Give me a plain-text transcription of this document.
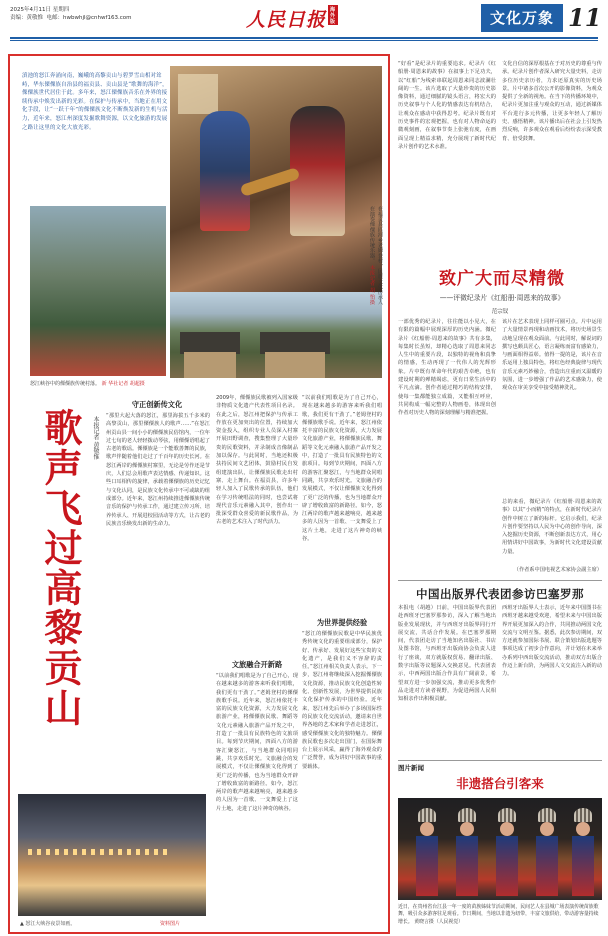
2025年4月11日 星期四
责编：黄敬惟 电邮：hwbwhjl@cnhwf163.com	人民日报 海外版	文化万象 11
滇池的怒江奔涌向南，巍峨的高黎贡山与碧罗雪山相对耸峙，华东傈僳族自治县的福贡县、贡山县是“歌舞的海洋”，傈僳族世代居住于此。多年来，怒江傈僳族音乐在外界的接续传承中焕发出新的光彩。在保护与传承中，当地正在用文化手段，让“一跃千年”的傈僳族文化不断焕发新的生机与活力，近年来，怒江州深度发掘歌舞资源，以文化旅游的发展之路让这里的文化大放光彩。
在福贡县匹河乡老姆登村，民族文化传承人在演奏傈僳族传统乐器。 本报记者 胡 怡摄
怒江峡谷中的傈僳族传统村落。 新 华社记者 胡超摄
歌声飞过高黎贡山	本报记者 黄敬惟
守正创新传文化
“那里大起大落的怒江，那里海拔五千多米的高黎贡山，那里傈僳族人的歌声……”在怒江州贡山县一间小小的傈僳族民俗馆内，一位年过七旬的老人轻轻拨动琴弦，用傈僳语唱起了古老的歌谣。傈僳族是一个能歌善舞的民族，歌声伴随着他们走过了千百年的历史长河。在怒江两岸的傈僳族村寨里，无论是劳作还是节庆，人们总会用歌声表达情感、传递知识。这些口耳相传的旋律，承载着傈僳族的历史记忆与文化认同，是民族文化传承中不可或缺的组成部分。近年来，怒江州持续推进傈僳族传统音乐的保护与传承工作，通过建立传习所、培养传承人、开展进校园活动等方式，让古老的民族音乐焕发出新的生命力。
2009年，傈僳族民歌被列入国家级非物质文化遗产代表性项目名录。在此之后，怒江州把保护与传承工作放在更加突出的位置，持续加大资金投入，组织专业人员深入村寨开展田野调查，搜集整理了大量珍贵的民歌资料，并录制成音像制品加以保存。与此同时，当地还积极扶持民间文艺团体，鼓励村民自发组建演出队，让傈僳族民歌走出村寨、走上舞台。在福贡县，许多年轻人加入了民歌传承的队伍，他们在学习传统唱法的同时，也尝试将现代音乐元素融入其中，创作出一批深受群众喜爱的新民歌作品，为古老的艺术注入了时代活力。
文旅融合开新路
“以前我们唱歌是为了自己开心，现在越来越多的游客来听我们唱歌，我们更有干劲了。”老姆登村的傈僳族歌手说。近年来，怒江州依托丰富的民族文化资源，大力发展文化旅游产业，将傈僳族民歌、舞蹈等文化元素融入旅游产品开发之中，打造了一批具有民族特色的文旅项目。每到节庆期间，四面八方的游客汇聚怒江，与当地群众同唱同跳，共享欢乐时光。文旅融合的发展模式，不仅让傈僳族文化得到了更广泛的传播，也为当地群众开辟了增收致富的新路径。如今，怒江两岸的歌声越来越响亮，越来越多的人因为一首歌、一支舞爱上了这片土地，走进了这片神奇的峡谷。
“以前我们唱歌是为了自己开心，现在越来越多的游客来听我们唱歌，我们更有干劲了。”老姆登村的傈僳族歌手说。近年来，怒江州依托丰富的民族文化资源，大力发展文化旅游产业，将傈僳族民歌、舞蹈等文化元素融入旅游产品开发之中，打造了一批具有民族特色的文旅项目。每到节庆期间，四面八方的游客汇聚怒江，与当地群众同唱同跳，共享欢乐时光。文旅融合的发展模式，不仅让傈僳族文化得到了更广泛的传播，也为当地群众开辟了增收致富的新路径。如今，怒江两岸的歌声越来越响亮，越来越多的人因为一首歌、一支舞爱上了这片土地，走进了这片神奇的峡谷。
为世界提供经验
“怒江的傈僳族民歌是中华民族优秀传统文化的重要组成部分，保护好、传承好、发展好这些宝贵的文化遗产，是我们义不容辞的责任。”怒江州相关负责人表示。下一步，怒江州将继续深入挖掘傈僳族文化资源，推动民族文化创造性转化、创新性发展，为世界提供民族文化保护传承的中国经验。近年来，怒江州先后举办了多场国际性的民族文化交流活动，邀请来自世界各地的艺术家和学者走进怒江，感受傈僳族文化的独特魅力。傈僳族民歌也多次走出国门，在国际舞台上展示风采，赢得了海外观众的广泛赞誉，成为讲好中国故事的重要载体。
▲ 怒江大峡谷夜景如画。	资料图片
“好看”是纪录片的重要追求。纪录片《红船册·周恩来的故事》在叙事上下足功夫，以“红船”为线索串联起周恩来同志波澜壮阔的一生。该片选取了大量珍贵的历史影像资料，通过细腻的镜头语言，将宏大的历史叙事与个人化的情感表达有机结合，让观众在感动中获得思考。纪录片既有对历史事件的宏观把握，也有对人物命运的微观刻画，在叙事节奏上张弛有度，在画面呈现上精益求精，充分展现了新时代纪录片创作的艺术水准。
文化自信的深厚根基在于对历史的尊重与传承。纪录片创作者深入研究大量史料，走访多位历史亲历者，力求还原真实的历史场景。片中诸多首次公开的影像资料，为观众提供了全新的视角。在当下的传播环境中，纪录片更加注重与观众的互动，通过新媒体平台进行多元传播，让更多年轻人了解历史、感悟精神。该片播出后在社会上引发热烈反响，许多观众在观看后纷纷表示深受教育、倍受鼓舞。
致广大而尽精微
——评微纪录片《红船册·周恩来的故事》
范宗钗
一部优秀的纪录片，往往能以小见大，在有限的篇幅中展现深厚的历史内涵。微纪录片《红船册·周恩来的故事》共有多集，每集时长虽短，却精心选取了周恩来同志人生中的重要片段，以独特的视角和真挚的情感，生动再现了一代伟人的光辉形象。片中既有革命年代的艰苦卓绝，也有建设时期的殚精竭虑，更有日常生活中的平凡点滴。创作者通过精巧的结构安排，使每一集都能独立成篇，又能相互呼应，共同构成一幅完整的人物画卷，体现出创作者对历史人物的深刻理解与精准把握。
该片在艺术表现上同样可圈可点。片中运用了大量情景再现和动画技术，将历史场景生动地呈现在观众面前。与此同时，解说词的撰写也颇具匠心，语言凝练而富有感染力，与画面相得益彰。值得一提的是，该片在音乐运用上独具特色，将红色经典旋律与现代音乐元素巧妙融合，营造出庄重而又温暖的氛围，进一步增强了作品的艺术感染力，使观众在审美享受中接受精神洗礼。
总的来看，微纪录片《红船册·周恩来的故事》以其“小而精”的特点，在新时代纪录片创作中树立了新的标杆。它启示我们，纪录片创作要坚持以人民为中心的创作导向，深入挖掘历史资源，不断创新表达方式，用心用情讲好中国故事，为新时代文化建设贡献力量。
（作者系中国电视艺术家协会副主席）
中国出版界代表团参访巴塞罗那
本报电（胡越）日前，中国出版界代表团赴西班牙巴塞罗那参访，深入了解当地出版业发展现状，并与西班牙出版界同行开展交流，共话合作发展。在巴塞罗那期间，代表团走访了当地知名出版社、书店及图书馆，与西班牙出版商协会负责人进行了座谈，双方就版权贸易、翻译出版、数字出版等议题深入交换意见。代表团表示，中西两国出版合作具有广阔前景，希望双方进一步加强交流，推动更多优秀作品走进对方读者视野，为促进两国人民相知相亲作出积极贡献。
西班牙出版界人士表示，近年来中国图书在西班牙越来越受欢迎，希望未来与中国出版界开展更加深入的合作，共同推动两国文化交流与文明互鉴。据悉，此次参访期间，双方还就参加国际书展、联合策划出版选题等事项达成了初步合作意向，并计划在未来举办系列中西出版交流活动，推动双方出版合作迈上新台阶，为两国人文交流注入新的动力。
图片新闻
非遗搭台引客来
近日，在贵州省台江县一年一度的苗族姊妹节活动期间，民间艺人在县城广场表演传统苗族歌舞，吸引众多游客驻足观看。节日期间，当地以非遗为纽带，丰富文旅供给，带动游客量持续增长。 黄晓言摄（人民视觉）
